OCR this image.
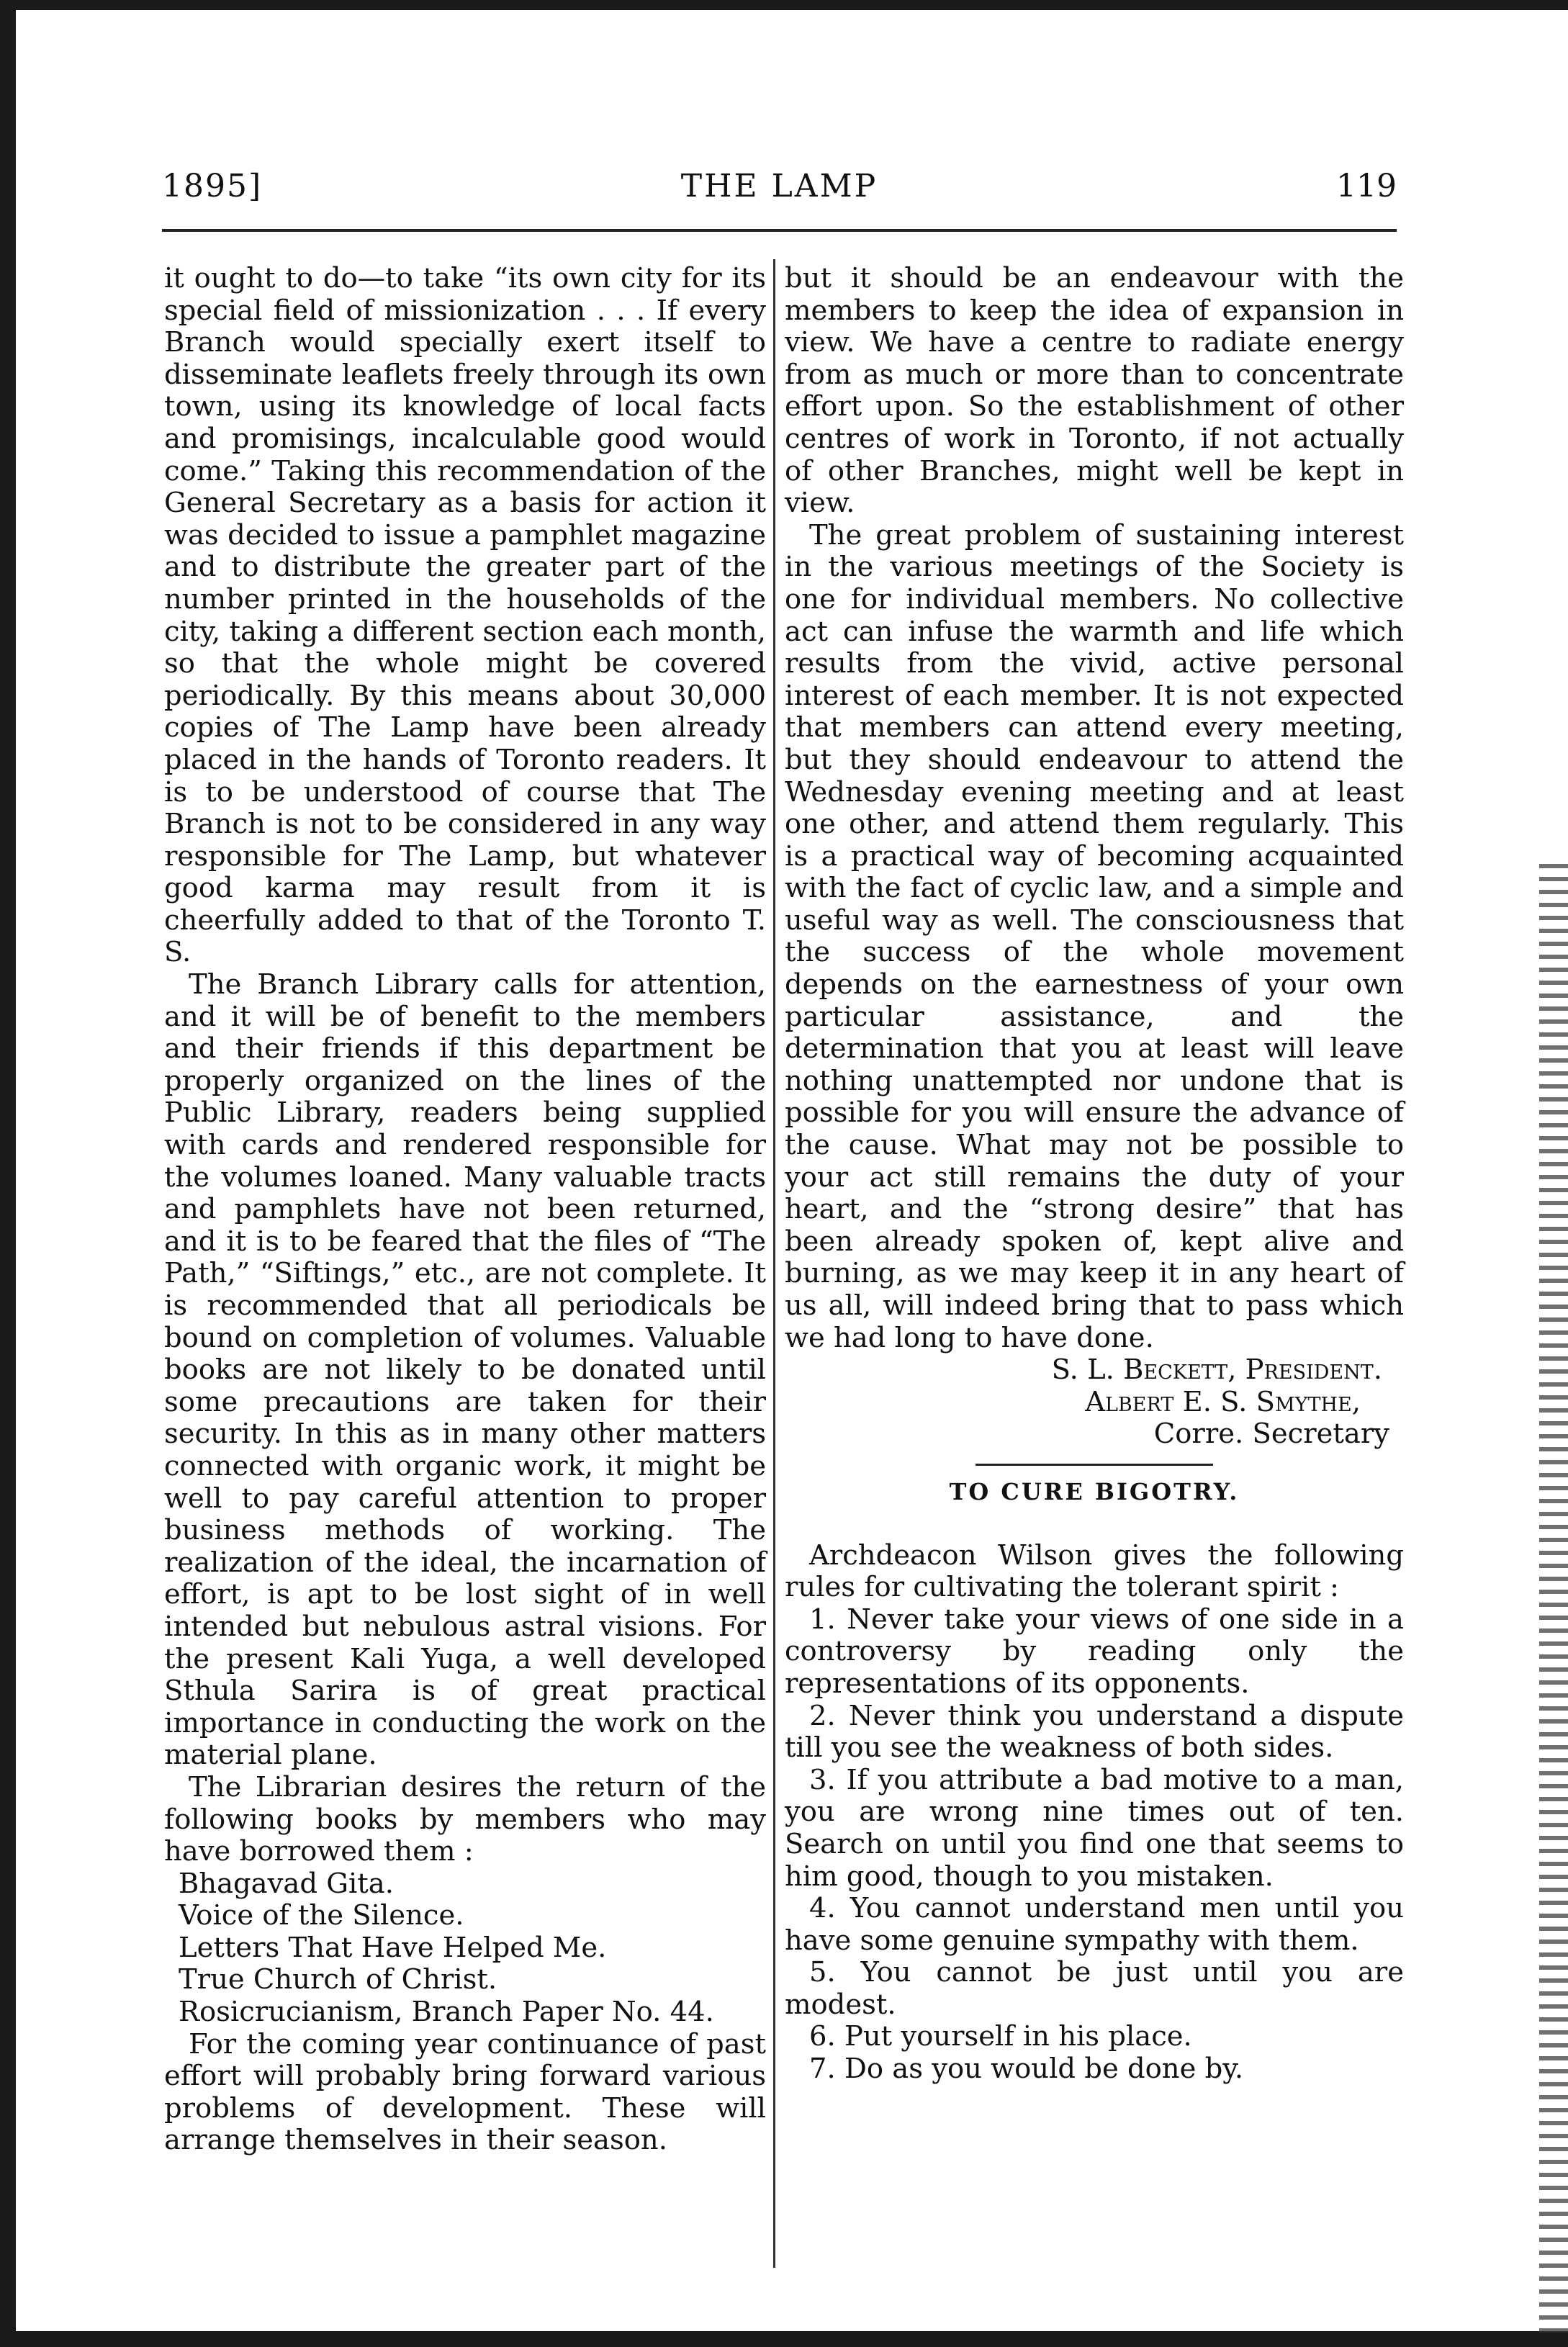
1895]	THE LAMP	119

it ought to do—to take “its own city for its special field of missionization . . . If every Branch would specially exert itself to disseminate leaflets freely through its own town, using its knowledge of local facts and promisings, incalculable good would come.” Taking this recommendation of the General Secretary as a basis for action it was decided to issue a pamphlet magazine and to distribute the greater part of the number printed in the households of the city, taking a different section each month, so that the whole might be covered periodically. By this means about 30,000 copies of The Lamp have been already placed in the hands of Toronto readers. It is to be understood of course that The Branch is not to be considered in any way responsible for The Lamp, but whatever good karma may result from it is cheerfully added to that of the Toronto T. S.

The Branch Library calls for attention, and it will be of benefit to the members and their friends if this department be properly organized on the lines of the Public Library, readers being supplied with cards and rendered responsible for the volumes loaned. Many valuable tracts and pamphlets have not been returned, and it is to be feared that the files of “The Path,” “Siftings,” etc., are not complete. It is recommended that all periodicals be bound on completion of volumes. Valuable books are not likely to be donated until some precautions are taken for their security. In this as in many other matters connected with organic work, it might be well to pay careful attention to proper business methods of working. The realization of the ideal, the incarnation of effort, is apt to be lost sight of in well intended but nebulous astral visions. For the present Kali Yuga, a well developed Sthula Sarira is of great practical importance in conducting the work on the material plane.

The Librarian desires the return of the following books by members who may have borrowed them :

Bhagavad Gita.
Voice of the Silence.
Letters That Have Helped Me.
True Church of Christ.
Rosicrucianism, Branch Paper No. 44.

For the coming year continuance of past effort will probably bring forward various problems of development. These will arrange themselves in their season.

but it should be an endeavour with the members to keep the idea of expansion in view. We have a centre to radiate energy from as much or more than to concentrate effort upon. So the establishment of other centres of work in Toronto, if not actually of other Branches, might well be kept in view.

The great problem of sustaining interest in the various meetings of the Society is one for individual members. No collective act can infuse the warmth and life which results from the vivid, active personal interest of each member. It is not expected that members can attend every meeting, but they should endeavour to attend the Wednesday evening meeting and at least one other, and attend them regularly. This is a practical way of becoming acquainted with the fact of cyclic law, and a simple and useful way as well. The consciousness that the success of the whole movement depends on the earnestness of your own particular assistance, and the determination that you at least will leave nothing unattempted nor undone that is possible for you will ensure the advance of the cause. What may not be possible to your act still remains the duty of your heart, and the “strong desire” that has been already spoken of, kept alive and burning, as we may keep it in any heart of us all, will indeed bring that to pass which we had long to have done.

S. L. Beckett, President.
Albert E. S. Smythe,
Corre. Secretary

TO CURE BIGOTRY.

Archdeacon Wilson gives the following rules for cultivating the tolerant spirit :

1. Never take your views of one side in a controversy by reading only the representations of its opponents.

2. Never think you understand a dispute till you see the weakness of both sides.

3. If you attribute a bad motive to a man, you are wrong nine times out of ten. Search on until you find one that seems to him good, though to you mistaken.

4. You cannot understand men until you have some genuine sympathy with them.

5. You cannot be just until you are modest.

6. Put yourself in his place.

7. Do as you would be done by.
